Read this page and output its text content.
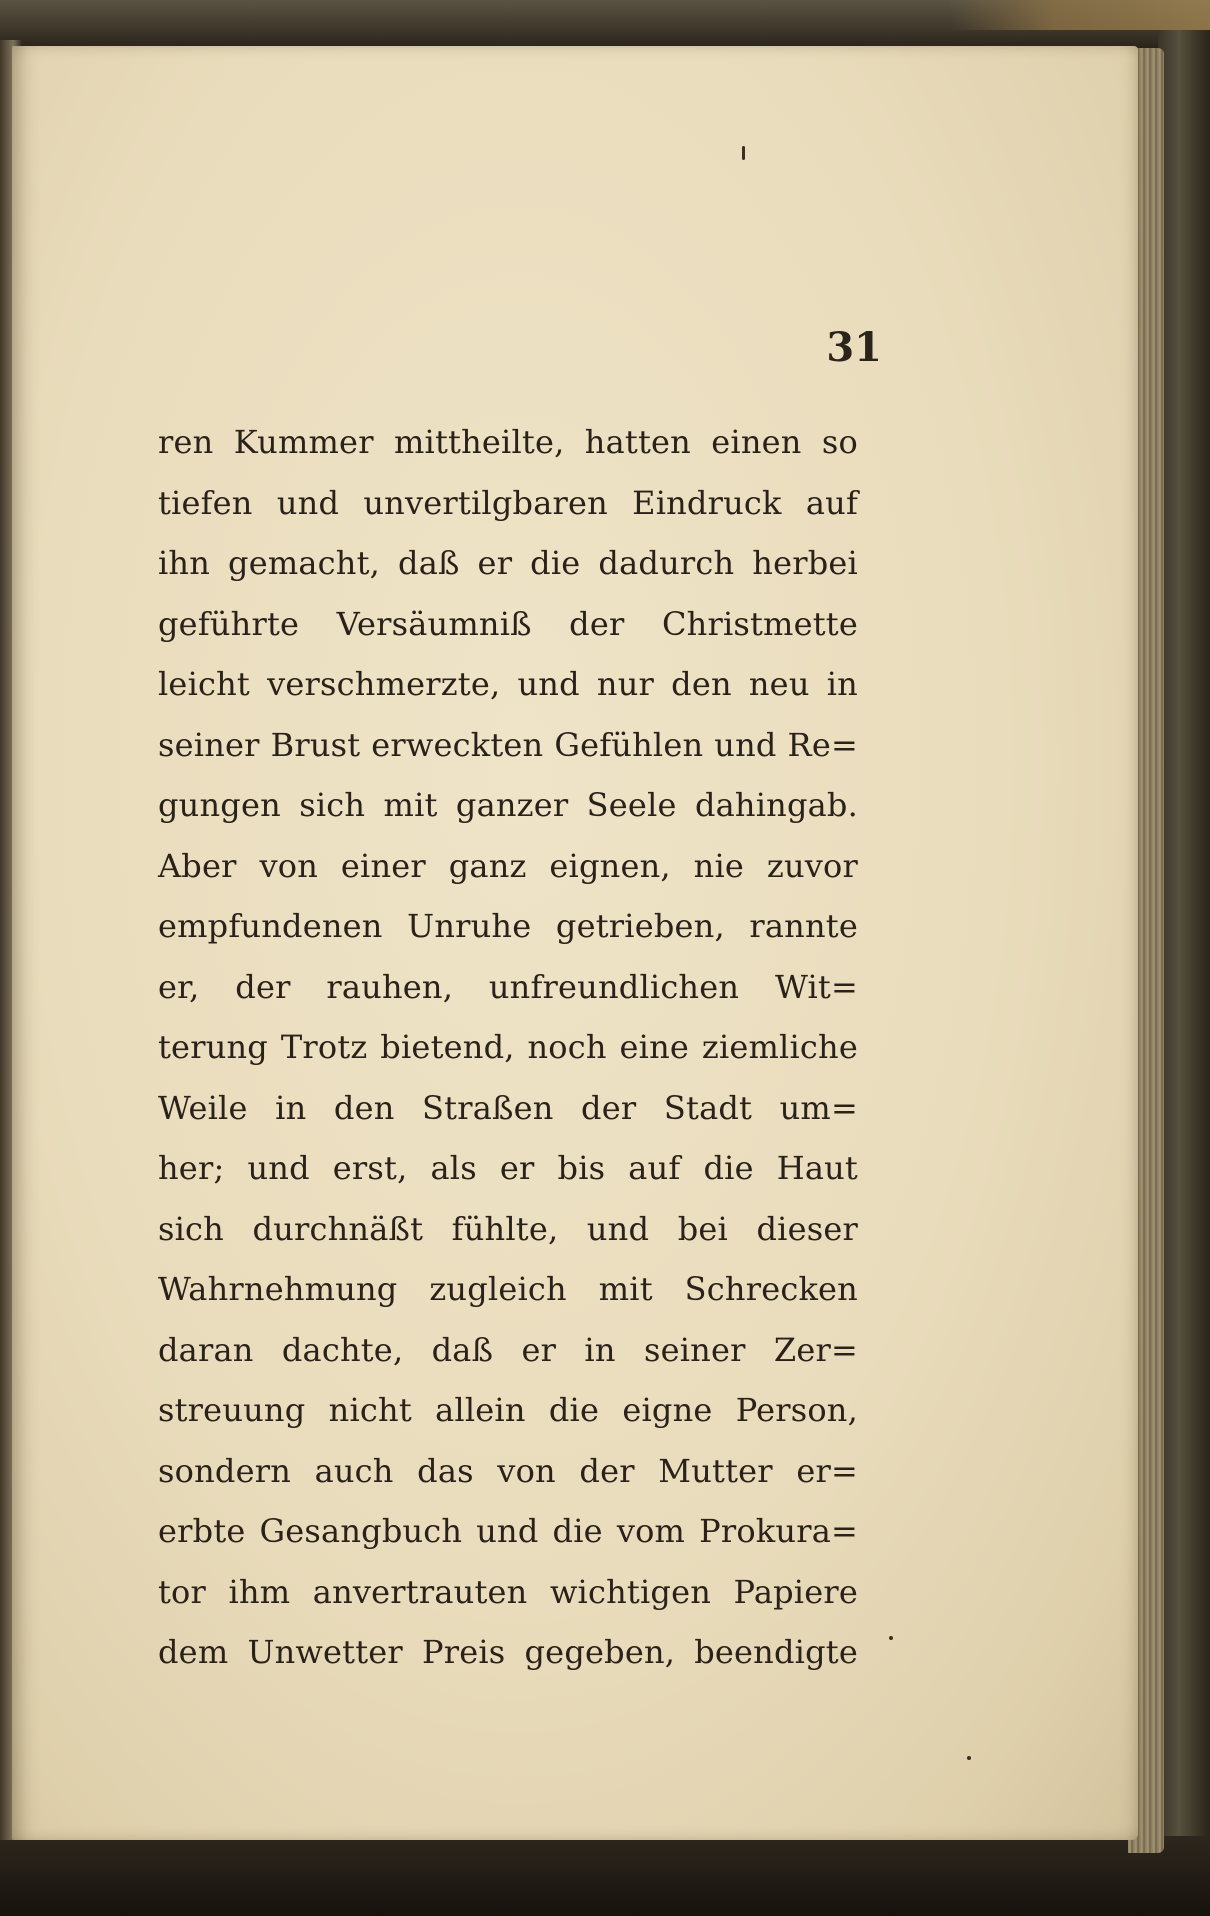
31
ren Kummer mittheilte, hatten einen so
tiefen und unvertilgbaren Eindruck auf
ihn gemacht, daß er die dadurch herbei
geführte Versäumniß der Christmette
leicht verschmerzte, und nur den neu in
seiner Brust erweckten Gefühlen und Re=
gungen sich mit ganzer Seele dahingab.
Aber von einer ganz eignen, nie zuvor
empfundenen Unruhe getrieben, rannte
er, der rauhen, unfreundlichen Wit=
terung Trotz bietend, noch eine ziemliche
Weile in den Straßen der Stadt um=
her; und erst, als er bis auf die Haut
sich durchnäßt fühlte, und bei dieser
Wahrnehmung zugleich mit Schrecken
daran dachte, daß er in seiner Zer=
streuung nicht allein die eigne Person,
sondern auch das von der Mutter er=
erbte Gesangbuch und die vom Prokura=
tor ihm anvertrauten wichtigen Papiere
dem Unwetter Preis gegeben, beendigte
